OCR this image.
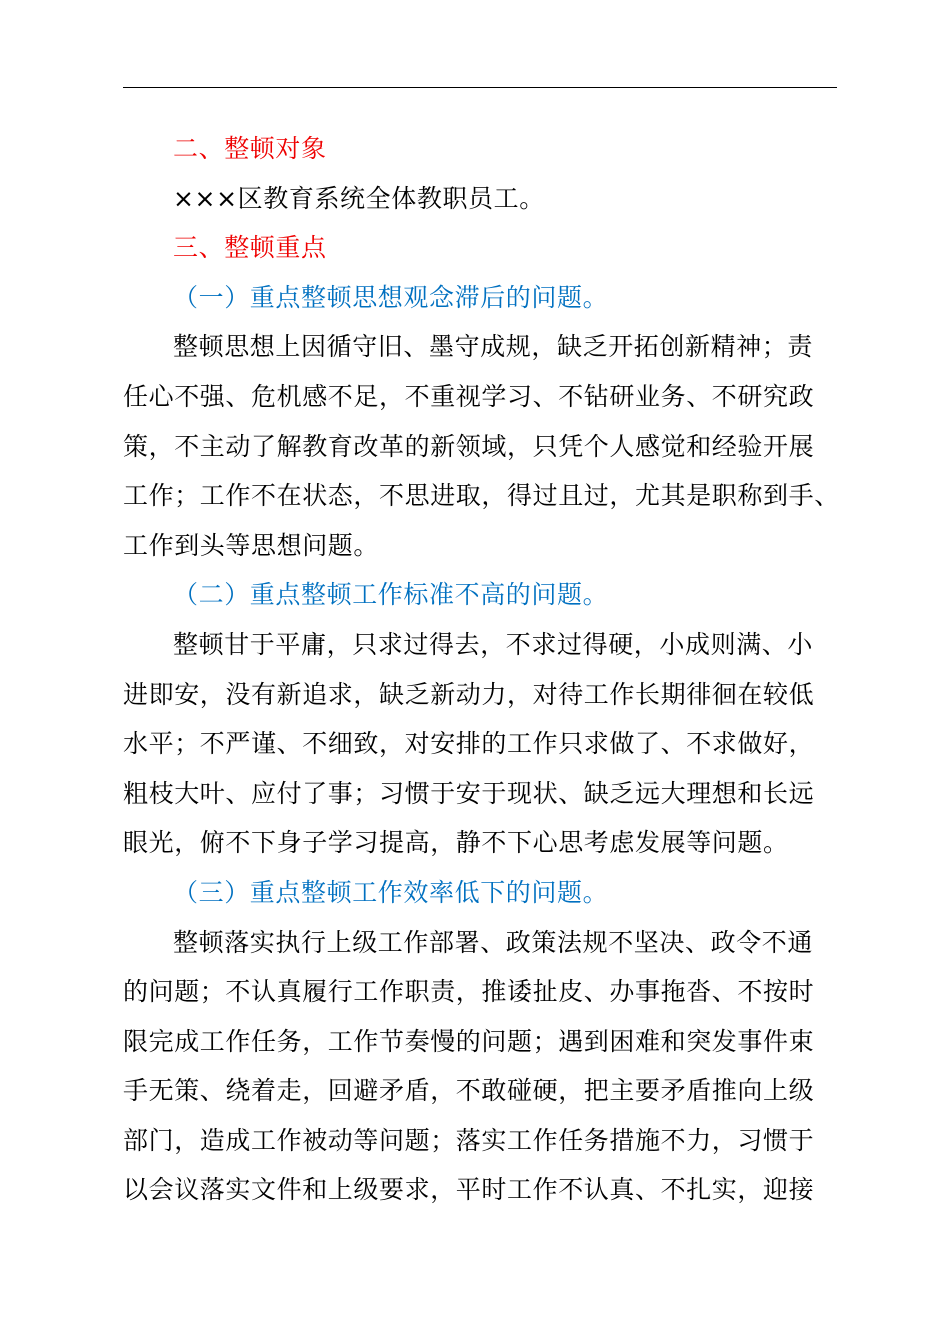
二、整顿对象

×××区教育系统全体教职员工。

三、整顿重点

（一）重点整顿思想观念滞后的问题。

整顿思想上因循守旧、墨守成规，缺乏开拓创新精神；责
任心不强、危机感不足，不重视学习、不钻研业务、不研究政
策，不主动了解教育改革的新领域，只凭个人感觉和经验开展
工作；工作不在状态，不思进取，得过且过，尤其是职称到手、
工作到头等思想问题。

（二）重点整顿工作标准不高的问题。

整顿甘于平庸，只求过得去，不求过得硬，小成则满、小
进即安，没有新追求，缺乏新动力，对待工作长期徘徊在较低
水平；不严谨、不细致，对安排的工作只求做了、不求做好，
粗枝大叶、应付了事；习惯于安于现状、缺乏远大理想和长远
眼光，俯不下身子学习提高，静不下心思考虑发展等问题。

（三）重点整顿工作效率低下的问题。

整顿落实执行上级工作部署、政策法规不坚决、政令不通
的问题；不认真履行工作职责，推诿扯皮、办事拖沓、不按时
限完成工作任务，工作节奏慢的问题；遇到困难和突发事件束
手无策、绕着走，回避矛盾，不敢碰硬，把主要矛盾推向上级
部门，造成工作被动等问题；落实工作任务措施不力，习惯于
以会议落实文件和上级要求，平时工作不认真、不扎实，迎接
